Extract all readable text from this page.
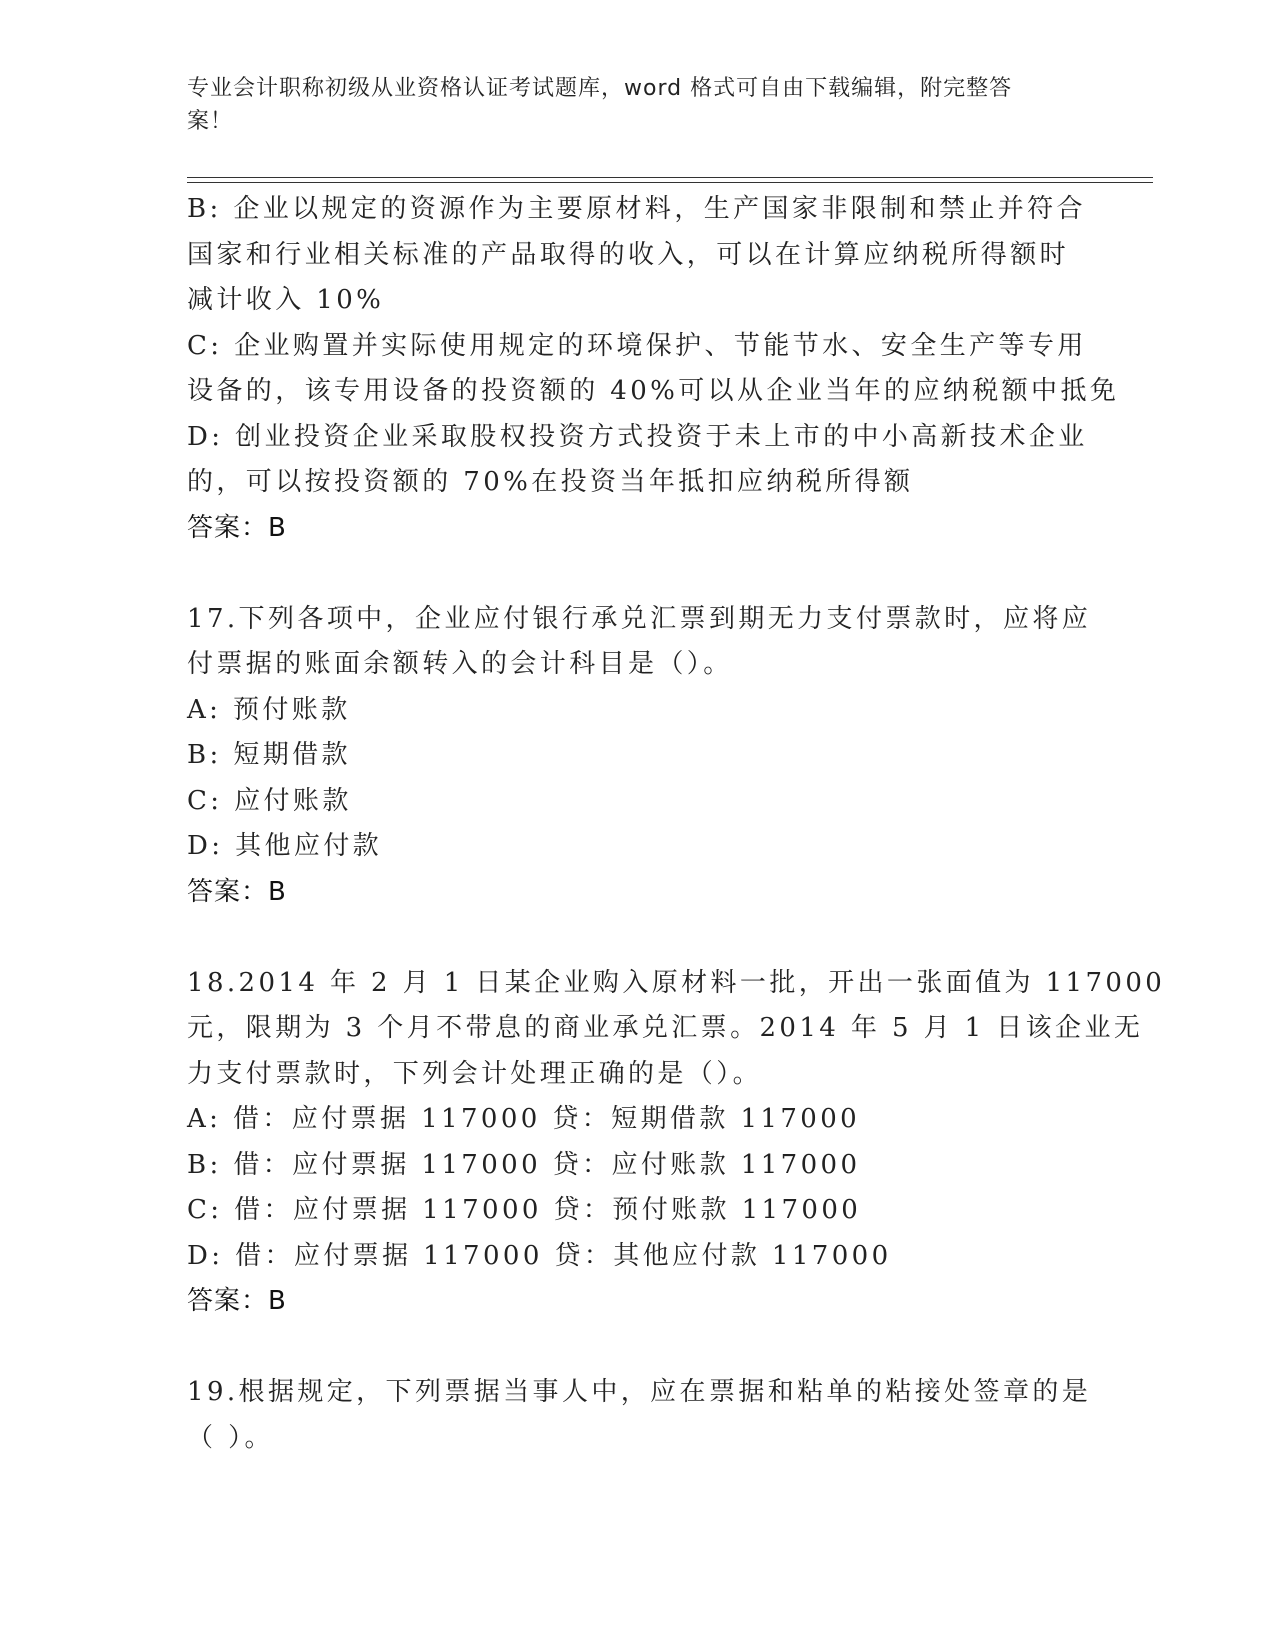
专业会计职称初级从业资格认证考试题库，word 格式可自由下载编辑，附完整答
案！
B: 企业以规定的资源作为主要原材料，生产国家非限制和禁止并符合
国家和行业相关标准的产品取得的收入，可以在计算应纳税所得额时
减计收入 10%
C: 企业购置并实际使用规定的环境保护、节能节水、安全生产等专用
设备的，该专用设备的投资额的 40%可以从企业当年的应纳税额中抵免
D: 创业投资企业采取股权投资方式投资于未上市的中小高新技术企业
的，可以按投资额的 70%在投资当年抵扣应纳税所得额
答案：B
17.下列各项中，企业应付银行承兑汇票到期无力支付票款时，应将应
付票据的账面余额转入的会计科目是（）。
A: 预付账款
B: 短期借款
C: 应付账款
D: 其他应付款
答案：B
18.2014 年 2 月 1 日某企业购入原材料一批，开出一张面值为 117000
元，限期为 3 个月不带息的商业承兑汇票。2014 年 5 月 1 日该企业无
力支付票款时，下列会计处理正确的是（）。
A: 借：应付票据 117000 贷：短期借款 117000
B: 借：应付票据 117000 贷：应付账款 117000
C: 借：应付票据 117000 贷：预付账款 117000
D: 借：应付票据 117000 贷：其他应付款 117000
答案：B
19.根据规定，下列票据当事人中，应在票据和粘单的粘接处签章的是
（ ）。
